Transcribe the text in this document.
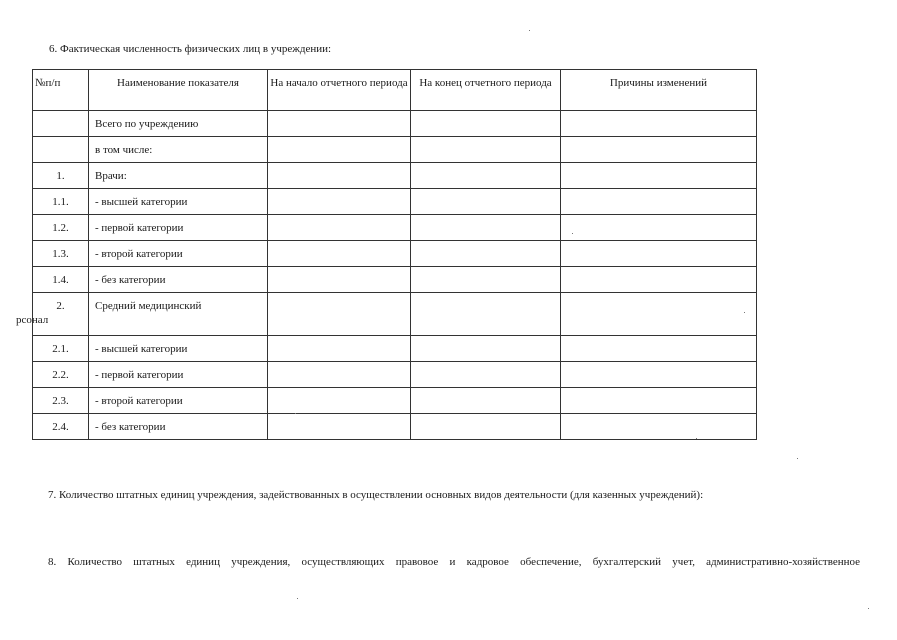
6. Фактическая численность физических лиц в учреждении:
№п/п	Наименование показателя	На начало отчетного периода	На конец отчетного периода	Причины изменений
	Всего по учреждению			
	в том числе:			
1.	Врачи:			
1.1.	- высшей категории			
1.2.	- первой категории			
1.3.	- второй категории			
1.4.	- без категории			
2.	Средний медицинский
рсонал			

2.1.	- высшей категории			
2.2.	- первой категории			
2.3.	- второй категории			
2.4.	- без категории			
7. Количество штатных единиц учреждения, задействованных в осуществлении основных видов деятельности (для казенных учреждений):
8. Количество штатных единиц учреждения, осуществляющих правовое и кадровое обеспечение, бухгалтерский учет, административно-хозяйственное
